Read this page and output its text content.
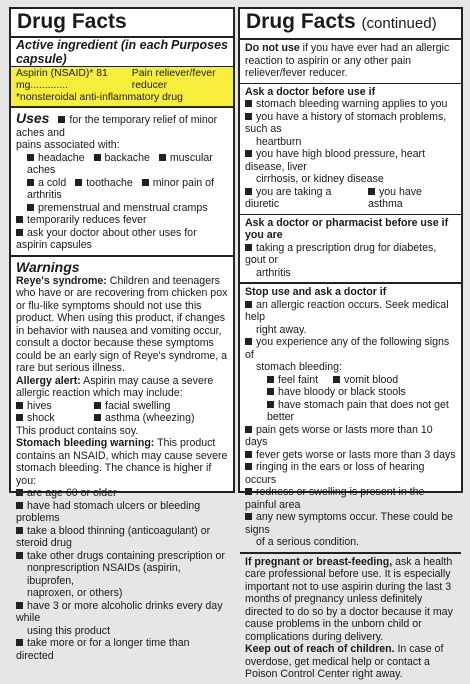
Drug Facts
Active ingredient (in each capsule)
Purposes
Aspirin (NSAID)* 81 mg.............
Pain reliever/fever reducer
*nonsteroidal anti-inflammatory drug
Uses for the temporary relief of minor aches and
pains associated with:
headache backache muscular aches
a cold toothache minor pain of arthritis
premenstrual and menstrual cramps
temporarily reduces fever
ask your doctor about other uses for aspirin capsules
Warnings

Reye's syndrome: Children and teenagers who have or are recovering from chicken pox or flu-like symptoms should not use this product. When using this product, if changes in behavior with nausea and vomiting occur, consult a doctor because these symptoms could be an early sign of Reye's syndrome, a rare but serious illness.

Allergy alert: Aspirin may cause a severe allergic reaction which may include:

hives	facial swelling
shock	asthma (wheezing)

This product contains soy.

Stomach bleeding warning: This product contains an NSAID, which may cause severe stomach bleeding. The chance is higher if you:

are age 60 or older
have had stomach ulcers or bleeding problems
take a blood thinning (anticoagulant) or steroid drug
take other drugs containing prescription or
nonprescription NSAIDs (aspirin, ibuprofen,
naproxen, or others)
have 3 or more alcoholic drinks every day while
using this product
take more or for a longer time than directed
Drug Facts (continued)
Do not use if you have ever had an allergic reaction to aspirin or any other pain reliever/fever reducer.
Ask a doctor before use if
stomach bleeding warning applies to you
you have a history of stomach problems, such as
heartburn
you have high blood pressure, heart disease, liver
cirrhosis, or kidney disease
you are taking a diuretic
you have asthma
Ask a doctor or pharmacist before use if you are
taking a prescription drug for diabetes, gout or
arthritis
Stop use and ask a doctor if
an allergic reaction occurs. Seek medical help
right away.
you experience any of the following signs of
stomach bleeding:
feel faint vomit blood
have bloody or black stools
have stomach pain that does not get better
pain gets worse or lasts more than 10 days
fever gets worse or lasts more than 3 days
ringing in the ears or loss of hearing occurs
redness or swelling is present in the painful area
any new symptoms occur. These could be signs
of a serious condition.

If pregnant or breast-feeding, ask a health care professional before use. It is especially important not to use aspirin during the last 3 months of pregnancy unless definitely directed to do so by a doctor because it may cause problems in the unborn child or complications during delivery.

Keep out of reach of children. In case of overdose, get medical help or contact a Poison Control Center right away.
